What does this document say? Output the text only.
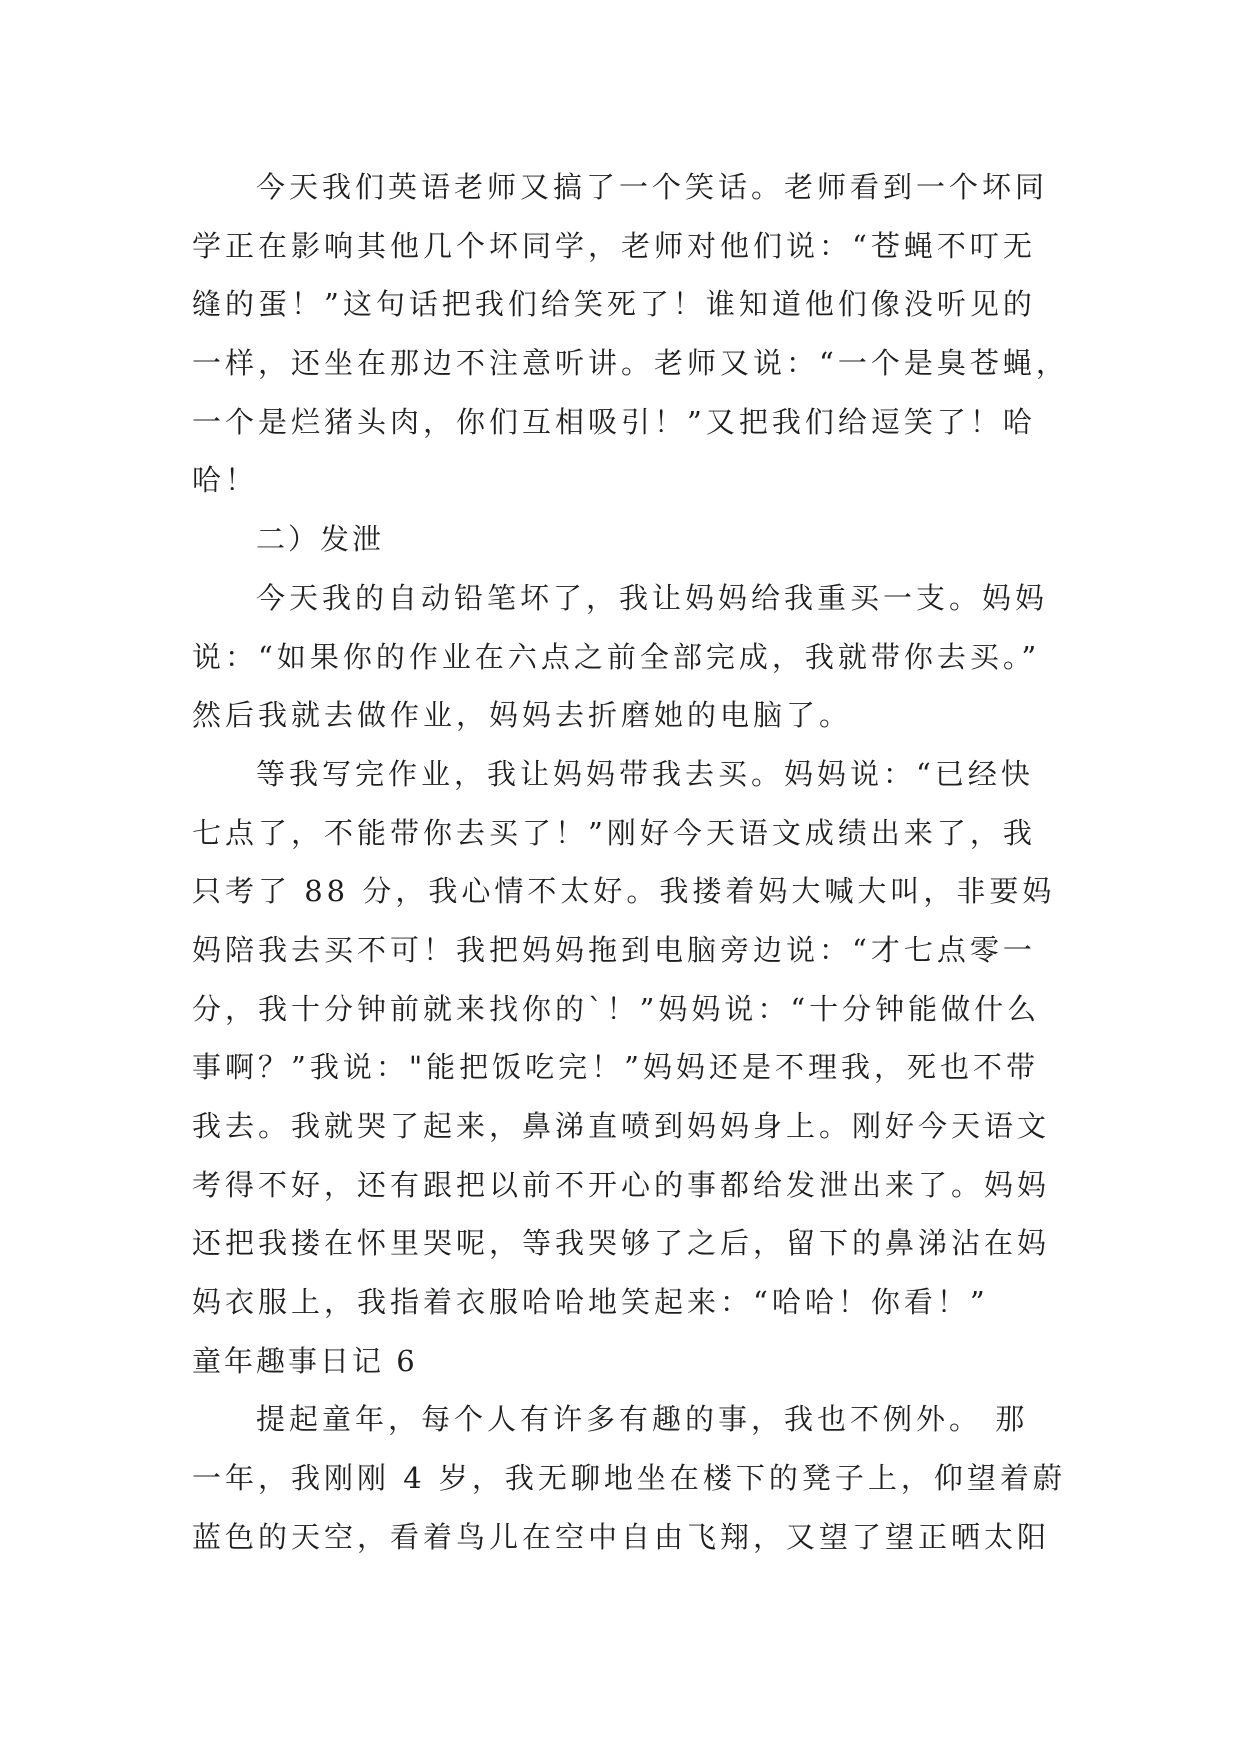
今天我们英语老师又搞了一个笑话。老师看到一个坏同
学正在影响其他几个坏同学，老师对他们说：“苍蝇不叮无
缝的蛋！”这句话把我们给笑死了！谁知道他们像没听见的
一样，还坐在那边不注意听讲。老师又说：“一个是臭苍蝇，
一个是烂猪头肉，你们互相吸引！”又把我们给逗笑了！哈
哈！
二）发泄
今天我的自动铅笔坏了，我让妈妈给我重买一支。妈妈
说：“如果你的作业在六点之前全部完成，我就带你去买。”
然后我就去做作业，妈妈去折磨她的电脑了。
等我写完作业，我让妈妈带我去买。妈妈说：“已经快
七点了，不能带你去买了！”刚好今天语文成绩出来了，我
只考了 88 分，我心情不太好。我搂着妈大喊大叫，非要妈
妈陪我去买不可！我把妈妈拖到电脑旁边说：“才七点零一
分，我十分钟前就来找你的`！”妈妈说：“十分钟能做什么
事啊？”我说："能把饭吃完！”妈妈还是不理我，死也不带
我去。我就哭了起来，鼻涕直喷到妈妈身上。刚好今天语文
考得不好，还有跟把以前不开心的事都给发泄出来了。妈妈
还把我搂在怀里哭呢，等我哭够了之后，留下的鼻涕沾在妈
妈衣服上，我指着衣服哈哈地笑起来：“哈哈！你看！”
童年趣事日记 6
提起童年，每个人有许多有趣的事，我也不例外。 那
一年，我刚刚 4 岁，我无聊地坐在楼下的凳子上，仰望着蔚
蓝色的天空，看着鸟儿在空中自由飞翔，又望了望正晒太阳
